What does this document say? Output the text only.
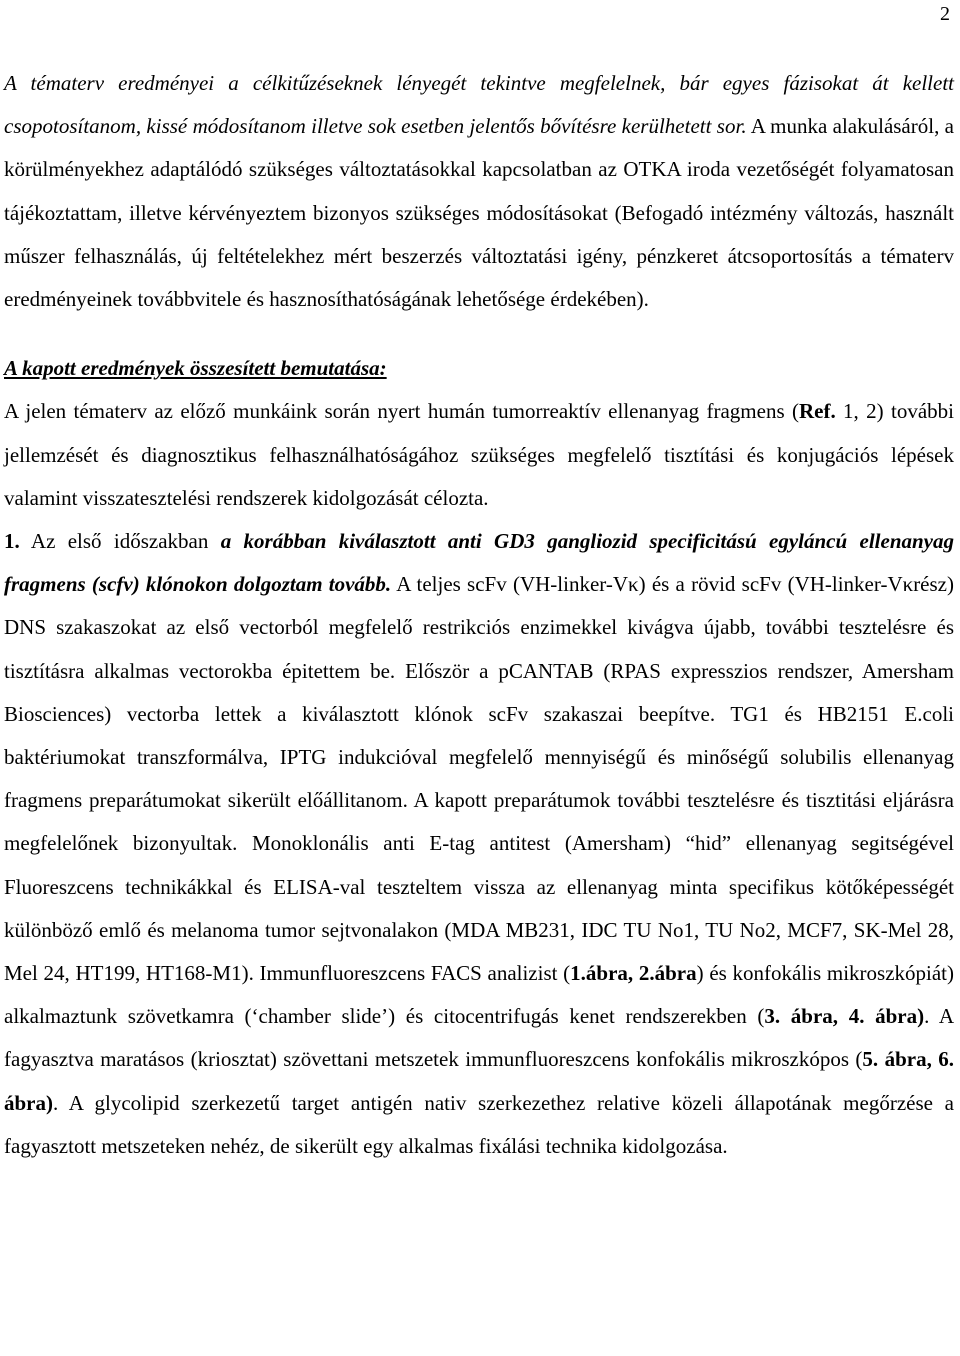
2

A tématerv eredményei a célkitűzéseknek lényegét tekintve megfelelnek, bár egyes fázisokat át kellett csopotosítanom, kissé módosítanom illetve sok esetben jelentős bővítésre kerülhetett sor. A munka alakulásáról, a körülményekhez adaptálódó szükséges változtatásokkal kapcsolatban az OTKA iroda vezetőségét folyamatosan tájékoztattam, illetve kérvényeztem bizonyos szükséges módosításokat (Befogadó intézmény változás, használt műszer felhasználás, új feltételekhez mért beszerzés változtatási igény, pénzkeret átcsoportosítás a tématerv eredményeinek továbbvitele és hasznosíthatóságának lehetősége érdekében).

A kapott eredmények összesített bemutatása:

A jelen tématerv az előző munkáink során nyert humán tumorreaktív ellenanyag fragmens (Ref. 1, 2) további jellemzését és diagnosztikus felhasználhatóságához szükséges megfelelő tisztítási és konjugációs lépések valamint visszatesztelési rendszerek kidolgozását célozta.

1. Az első időszakban a korábban kiválasztott anti GD3 gangliozid specificitású egyláncú ellenanyag fragmens (scfv) klónokon dolgoztam tovább. A teljes scFv (VH-linker-Vκ) és a rövid scFv (VH-linker-Vκrész) DNS szakaszokat az első vectorból megfelelő restrikciós enzimekkel kivágva újabb, további tesztelésre és tisztításra alkalmas vectorokba épitettem be. Először a pCANTAB (RPAS expresszios rendszer, Amersham Biosciences) vectorba lettek a kiválasztott klónok scFv szakaszai beepítve. TG1 és HB2151 E.coli baktériumokat transzformálva, IPTG indukcióval megfelelő mennyiségű és minőségű solubilis ellenanyag fragmens preparátumokat sikerült előállitanom. A kapott preparátumok további tesztelésre és tisztitási eljárásra megfelelőnek bizonyultak. Monoklonális anti E-tag antitest (Amersham) “hid” ellenanyag segitségével Fluoreszcens technikákkal és ELISA-val teszteltem vissza az ellenanyag minta specifikus kötőképességét különböző emlő és melanoma tumor sejtvonalakon (MDA MB231, IDC TU No1, TU No2, MCF7, SK-Mel 28, Mel 24, HT199, HT168-M1). Immunfluoreszcens FACS analizist (1.ábra, 2.ábra) és konfokális mikroszkópiát) alkalmaztunk szövetkamra (‘chamber slide’) és citocentrifugás kenet rendszerekben (3. ábra, 4. ábra). A fagyasztva maratásos (kriosztat) szövettani metszetek immunfluoreszcens konfokális mikroszkópos (5. ábra, 6. ábra). A glycolipid szerkezetű target antigén nativ szerkezethez relative közeli állapotának megőrzése a fagyasztott metszeteken nehéz, de sikerült egy alkalmas fixálási technika kidolgozása.
